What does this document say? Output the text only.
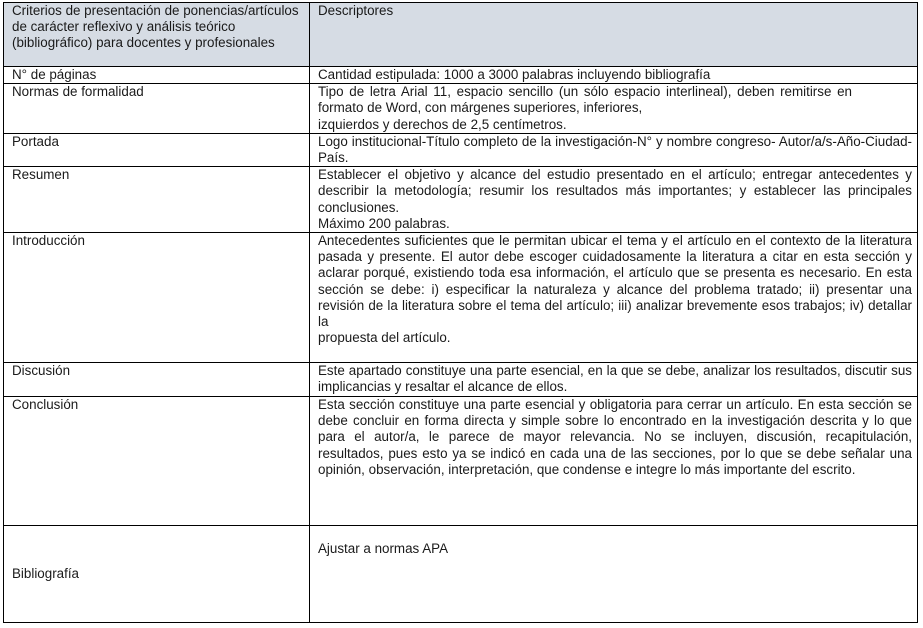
Criterios de presentación de ponencias/artículos de carácter reflexivo y análisis teórico (bibliográfico) para docentes y profesionales	Descriptores
N° de páginas	Cantidad estipulada: 1000 a 3000 palabras incluyendo bibliografía

Normas de formalidad	Tipo de letra Arial 11, espacio sencillo (un sólo espacio interlineal), deben remitirse en formato de Word, con márgenes superiores, inferiores,
izquierdos y derechos de 2,5 centímetros.

Portada	Logo institucional-Título completo de la investigación-N° y nombre congreso- Autor/a/s-Año-Ciudad-País.

Resumen	Establecer el objetivo y alcance del estudio presentado en el artículo; entregar antecedentes y describir la metodología; resumir los resultados más importantes; y establecer las principales conclusiones.
Máximo 200 palabras.

Introducción	Antecedentes suficientes que le permitan ubicar el tema y el artículo en el contexto de la literatura pasada y presente. El autor debe escoger cuidadosamente la literatura a citar en esta sección y aclarar porqué, existiendo toda esa información, el artículo que se presenta es necesario. En esta sección se debe: i) especificar la naturaleza y alcance del problema tratado; ii) presentar una revisión de la literatura sobre el tema del artículo; iii) analizar brevemente esos trabajos; iv) detallar la
propuesta del artículo.

Discusión	Este apartado constituye una parte esencial, en la que se debe, analizar los resultados, discutir sus implicancias y resaltar el alcance de ellos.

Conclusión	Esta sección constituye una parte esencial y obligatoria para cerrar un artículo. En esta sección se debe concluir en forma directa y simple sobre lo encontrado en la investigación descrita y lo que para el autor/a, le parece de mayor relevancia. No se incluyen, discusión, recapitulación, resultados, pues esto ya se indicó en cada una de las secciones, por lo que se debe señalar una opinión, observación, interpretación, que condense e integre lo más importante del escrito.

Bibliografía	Ajustar a normas APA
